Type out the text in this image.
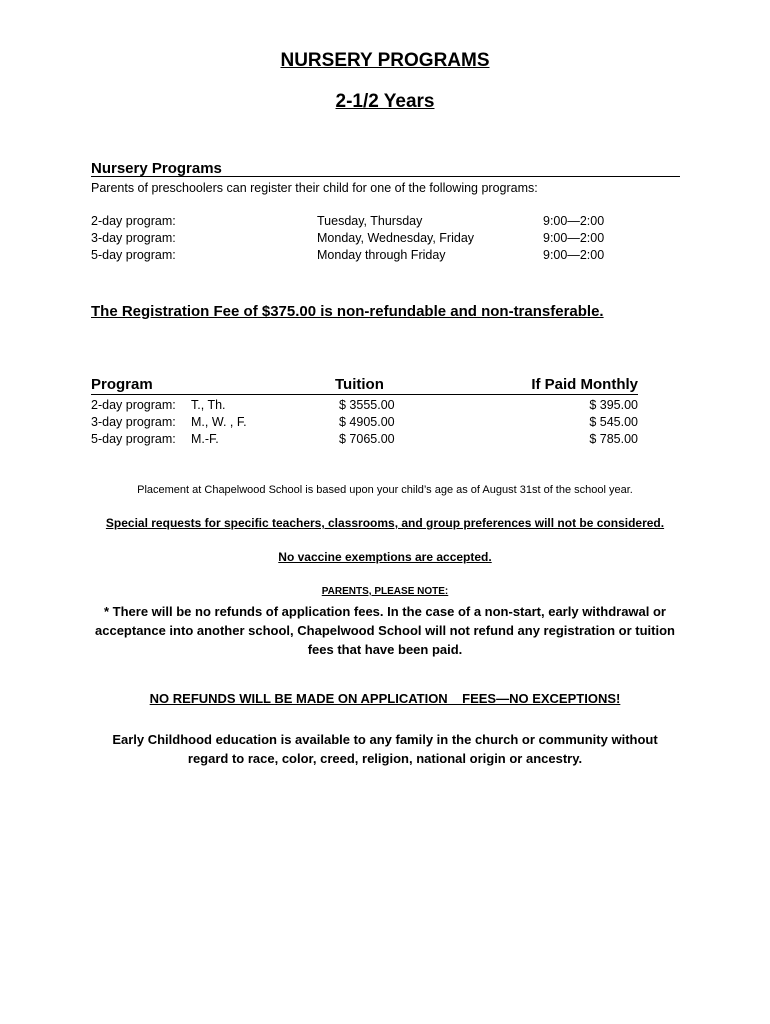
NURSERY PROGRAMS
2-1/2 Years
Nursery Programs
Parents of preschoolers can register their child for one of the following programs:
2-day program:	Tuesday, Thursday	9:00—2:00
3-day program:	Monday, Wednesday, Friday	9:00—2:00
5-day program:	Monday through Friday	9:00—2:00
The Registration Fee of $375.00 is non-refundable and non-transferable.
Program	Tuition	If Paid Monthly
2-day program: T., Th.	$ 3555.00	$ 395.00
3-day program: M., W. , F.	$ 4905.00	$ 545.00
5-day program: M.-F.	$ 7065.00	$ 785.00
Placement at Chapelwood School is based upon your child’s age as of August 31st of the school year.
Special requests for specific teachers, classrooms, and group preferences will not be considered.
No vaccine exemptions are accepted.
PARENTS, PLEASE NOTE:
* There will be no refunds of application fees. In the case of a non-start, early withdrawal or
acceptance into another school, Chapelwood School will not refund any registration or tuition
fees that have been paid.
NO REFUNDS WILL BE MADE ON APPLICATION    FEES—NO EXCEPTIONS!
Early Childhood education is available to any family in the church or community without
regard to race, color, creed, religion, national origin or ancestry.
